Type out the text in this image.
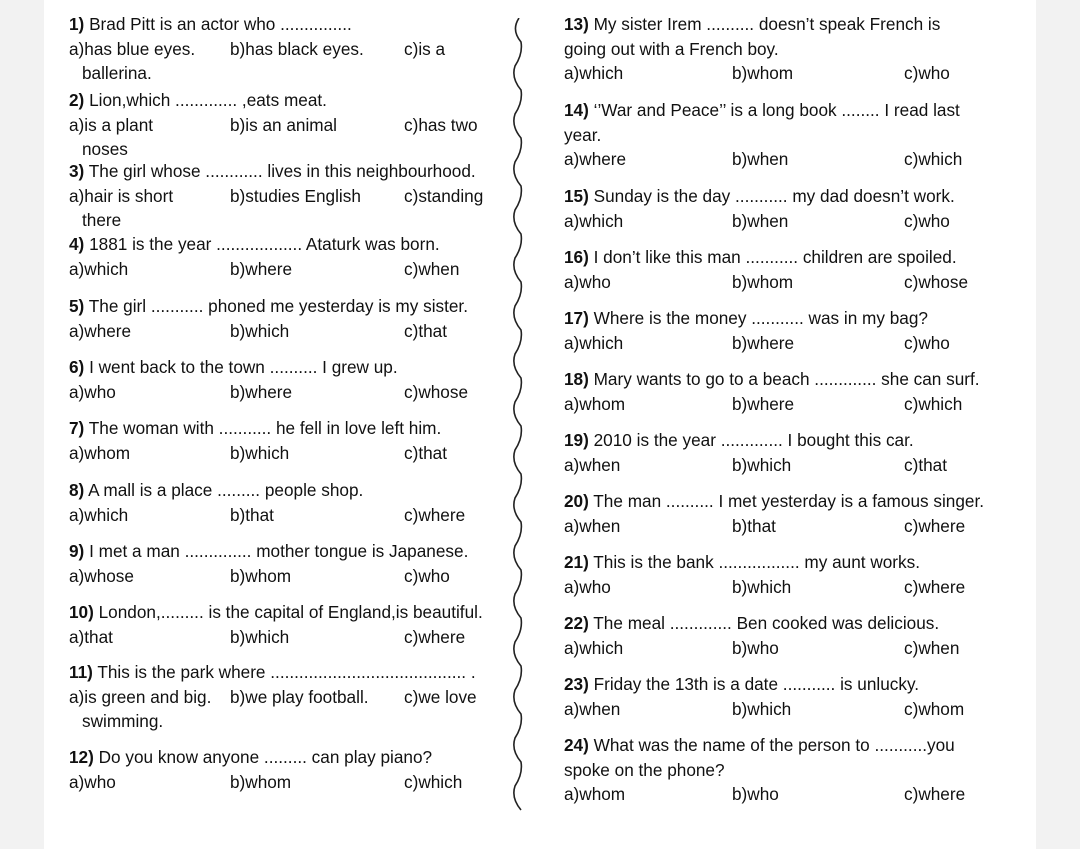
1) Brad Pitt is an actor who ...............
a)has blue eyes. b)has black eyes. c)is a
ballerina.
2) Lion,which ............. ,eats meat.
a)is a plant	b)is an animal	c)has two
noses
3) The girl whose ............ lives in this neighbourhood.
a)hair is short	b)studies English	c)standing
there
4) 1881 is the year .................. Ataturk was born.
a)which	b)where	c)when
5) The girl ........... phoned me yesterday is my sister.
a)where	b)which	c)that
6) I went back to the town .......... I grew up.
a)who	b)where	c)whose
7) The woman with ........... he fell in love left him.
a)whom	b)which	c)that
8) A mall is a place ......... people shop.
a)which	b)that	c)where
9) I met a man .............. mother tongue is Japanese.
a)whose	b)whom	c)who
10) London,......... is the capital of England,is beautiful.
a)that	b)which	c)where
11) This is the park where ......................................... .
a)is green and big. b)we play football. c)we love
swimming.
12) Do you know anyone ......... can play piano?
a)who	b)whom	c)which
13) My sister Irem .......... doesn’t speak French is
going out with a French boy.
a)which	b)whom	c)who
14) ‘’War and Peace’’ is a long book ........ I read last
year.
a)where	b)when	c)which
15) Sunday is the day ........... my dad doesn’t work.
a)which	b)when	c)who
16) I don’t like this man ........... children are spoiled.
a)who	b)whom	c)whose
17) Where is the money ........... was in my bag?
a)which	b)where	c)who
18) Mary wants to go to a beach ............. she can surf.
a)whom	b)where	c)which
19) 2010 is the year ............. I bought this car.
a)when	b)which	c)that
20) The man .......... I met yesterday is a famous singer.
a)when	b)that	c)where
21) This is the bank ................. my aunt works.
a)who	b)which	c)where
22) The meal ............. Ben cooked was delicious.
a)which	b)who	c)when
23) Friday the 13th is a date ........... is unlucky.
a)when	b)which	c)whom
24) What was the name of the person to ...........you
spoke on the phone?
a)whom	b)who	c)where
